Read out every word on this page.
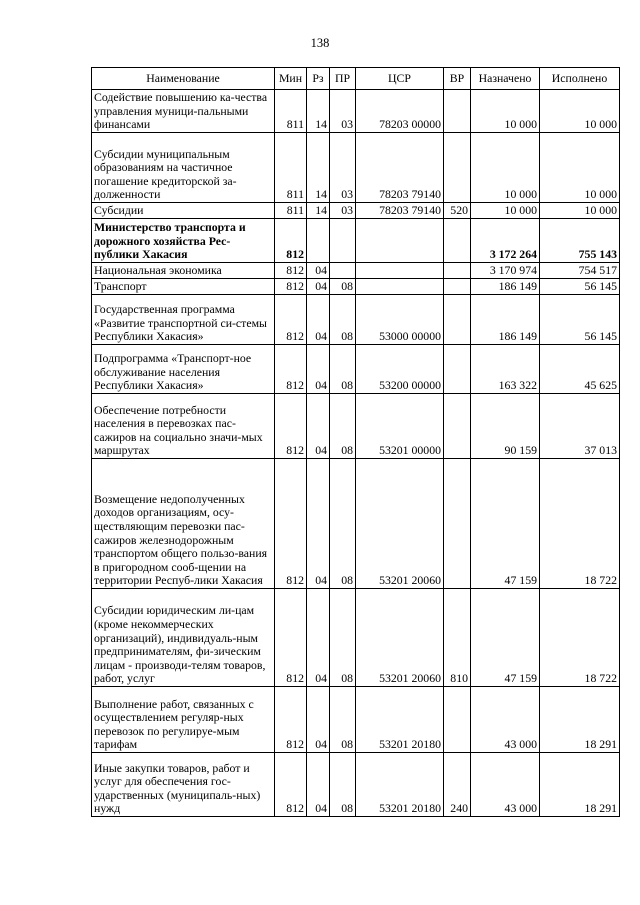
138
Наименование	Мин	Рз	ПР	ЦСР	ВР	Назначено	Исполнено
Содействие повышению ка-чества управления муници-пальными финансами	811	14	03	78203 00000		10 000	10 000
Субсидии муниципальным образованиям на частичное погашение кредиторской за-долженности	811	14	03	78203 79140		10 000	10 000
Субсидии	811	14	03	78203 79140	520	10 000	10 000
Министерство транспорта и дорожного хозяйства Рес-публики Хакасия	812					3 172 264	755 143
Национальная экономика	812	04				3 170 974	754 517
Транспорт	812	04	08			186 149	56 145
Государственная программа «Развитие транспортной си-стемы Республики Хакасия»	812	04	08	53000 00000		186 149	56 145
Подпрограмма «Транспорт-ное обслуживание населения Республики Хакасия»	812	04	08	53200 00000		163 322	45 625
Обеспечение потребности населения в перевозках пас-сажиров на социально значи-мых маршрутах	812	04	08	53201 00000		90 159	37 013
Возмещение недополученных доходов организациям, осу-ществляющим перевозки пас-сажиров железнодорожным транспортом общего пользо-вания в пригородном сооб-щении на территории Респуб-лики Хакасия	812	04	08	53201 20060		47 159	18 722
Субсидии юридическим ли-цам (кроме некоммерческих организаций), индивидуаль-ным предпринимателям, фи-зическим лицам - производи-телям товаров, работ, услуг	812	04	08	53201 20060	810	47 159	18 722
Выполнение работ, связанных с осуществлением регуляр-ных перевозок по регулируе-мым тарифам	812	04	08	53201 20180		43 000	18 291
Иные закупки товаров, работ и услуг для обеспечения гос-ударственных (муниципаль-ных) нужд	812	04	08	53201 20180	240	43 000	18 291
